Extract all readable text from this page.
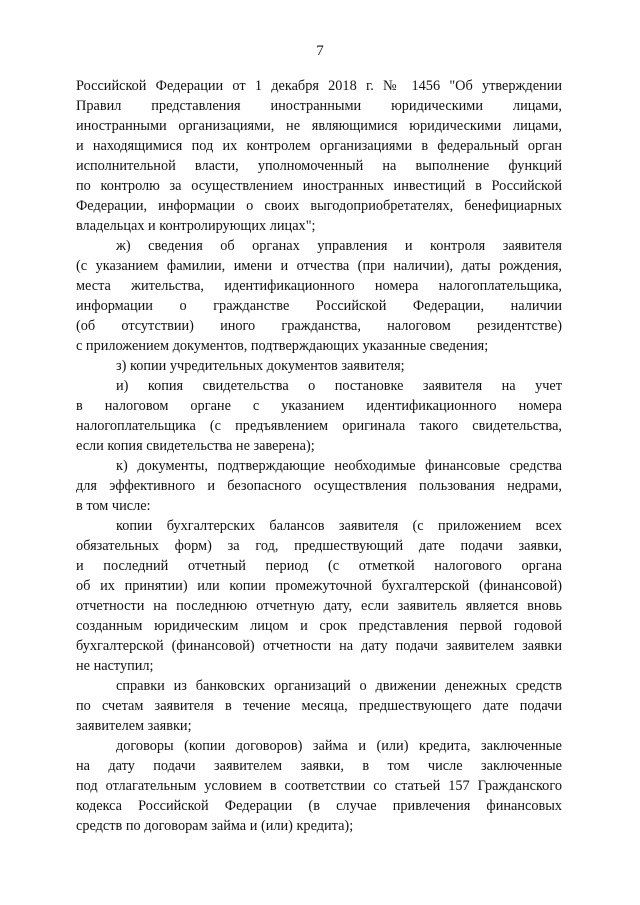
7
Российской Федерации от 1 декабря 2018 г. № 1456 "Об утверждении
Правил представления иностранными юридическими лицами,
иностранными организациями, не являющимися юридическими лицами,
и находящимися под их контролем организациями в федеральный орган
исполнительной власти, уполномоченный на выполнение функций
по контролю за осуществлением иностранных инвестиций в Российской
Федерации, информации о своих выгодоприобретателях, бенефициарных
владельцах и контролирующих лицах";
ж) сведения об органах управления и контроля заявителя
(с указанием фамилии, имени и отчества (при наличии), даты рождения,
места жительства, идентификационного номера налогоплательщика,
информации о гражданстве Российской Федерации, наличии
(об отсутствии) иного гражданства, налоговом резидентстве)
с приложением документов, подтверждающих указанные сведения;
з) копии учредительных документов заявителя;
и) копия свидетельства о постановке заявителя на учет
в налоговом органе с указанием идентификационного номера
налогоплательщика (с предъявлением оригинала такого свидетельства,
если копия свидетельства не заверена);
к) документы, подтверждающие необходимые финансовые средства
для эффективного и безопасного осуществления пользования недрами,
в том числе:
копии бухгалтерских балансов заявителя (с приложением всех
обязательных форм) за год, предшествующий дате подачи заявки,
и последний отчетный период (с отметкой налогового органа
об их принятии) или копии промежуточной бухгалтерской (финансовой)
отчетности на последнюю отчетную дату, если заявитель является вновь
созданным юридическим лицом и срок представления первой годовой
бухгалтерской (финансовой) отчетности на дату подачи заявителем заявки
не наступил;
справки из банковских организаций о движении денежных средств
по счетам заявителя в течение месяца, предшествующего дате подачи
заявителем заявки;
договоры (копии договоров) займа и (или) кредита, заключенные
на дату подачи заявителем заявки, в том числе заключенные
под отлагательным условием в соответствии со статьей 157 Гражданского
кодекса Российской Федерации (в случае привлечения финансовых
средств по договорам займа и (или) кредита);
